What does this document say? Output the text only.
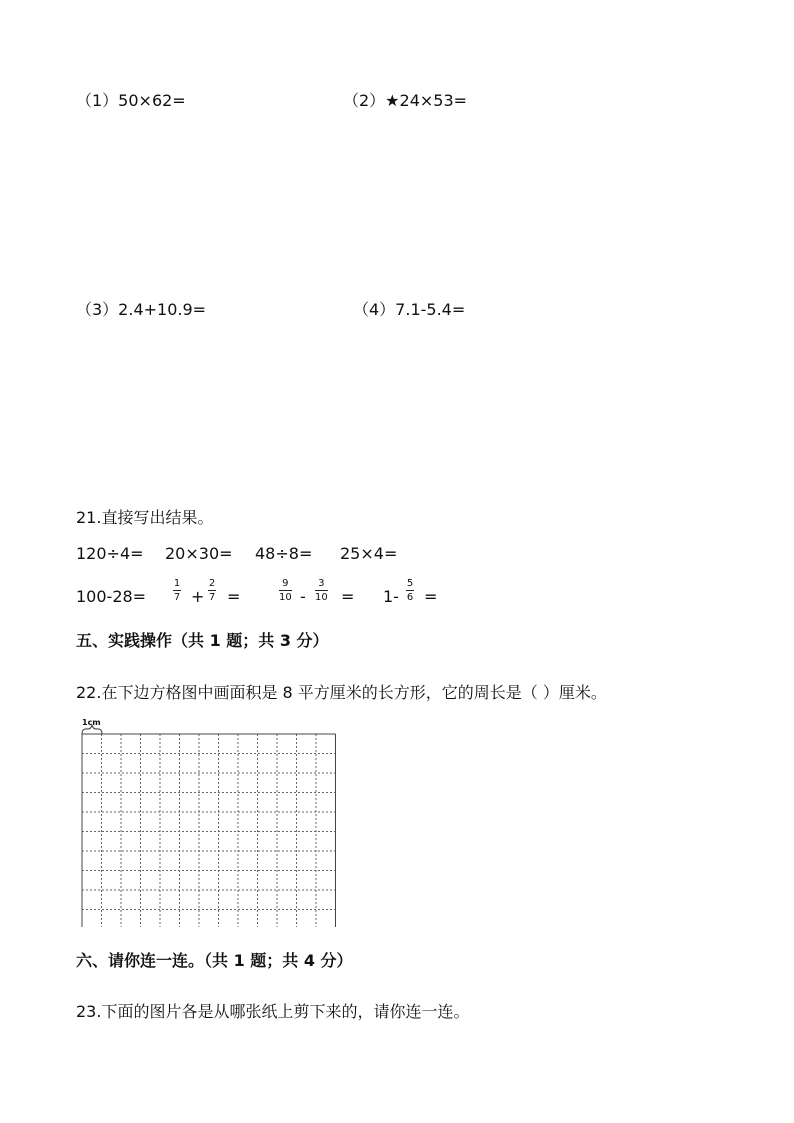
（1）50×62=	（2）★24×53=
（3）2.4+10.9=	（4）7.1-5.4=
21.直接写出结果。
120÷4= 20×30= 48÷8= 25×4=
100-28=
1
7 +
2
7 =
9
10 -
3
10 = 1-
5
6 =
五、实践操作（共 1 题；共 3 分）
22.在下边方格图中画面积是 8 平方厘米的长方形，它的周长是（ ）厘米。
1cm
六、请你连一连。（共 1 题；共 4 分）
23.下面的图片各是从哪张纸上剪下来的，请你连一连。
